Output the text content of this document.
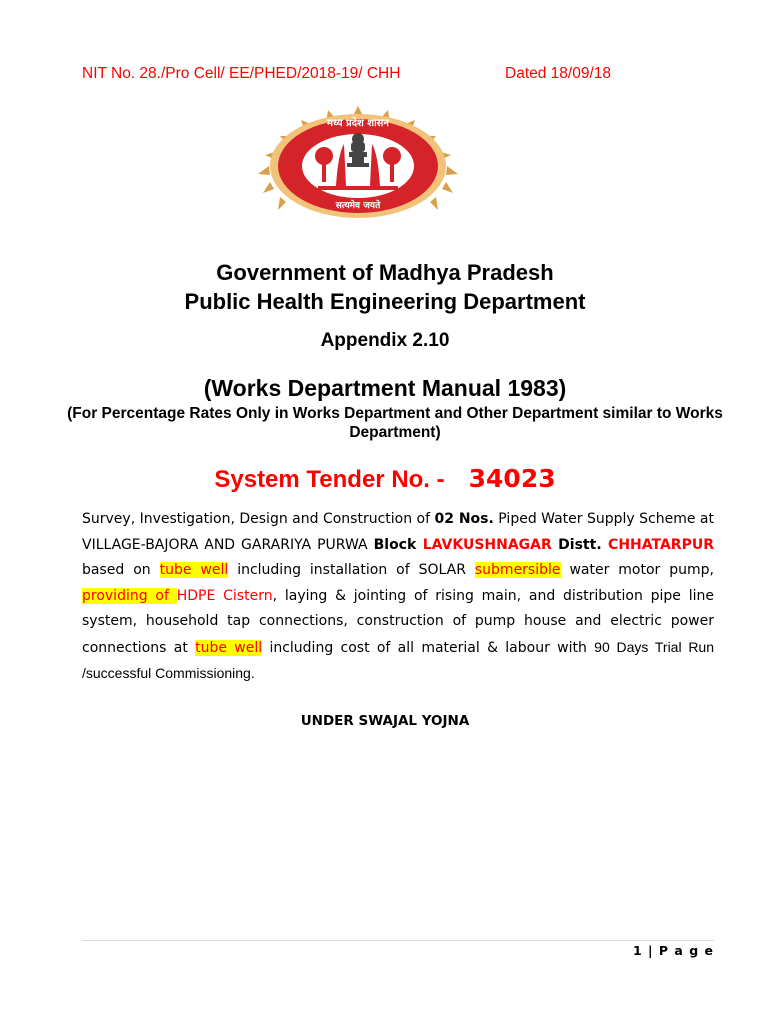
NIT No. 28./Pro Cell/ EE/PHED/2018-19/ CHH	Dated 18/09/18
मध्य प्रदेश शासन
सत्यमेव जयते
Government of Madhya Pradesh
Public Health Engineering Department
Appendix 2.10
(Works Department Manual 1983)
(For Percentage Rates Only in Works Department and Other Department similar to Works Department)
System Tender No. - 34023
Survey, Investigation, Design and Construction of 02 Nos. Piped Water Supply Scheme at VILLAGE-BAJORA AND GARARIYA PURWA Block LAVKUSHNAGAR Distt. CHHATARPUR based on tube well including installation of SOLAR submersible water motor pump, providing of HDPE Cistern, laying & jointing of rising main, and distribution pipe line system, household tap connections, construction of pump house and electric power connections at tube well including cost of all material & labour with 90 Days Trial Run /successful Commissioning.
UNDER SWAJAL YOJNA
1 | P a g e
